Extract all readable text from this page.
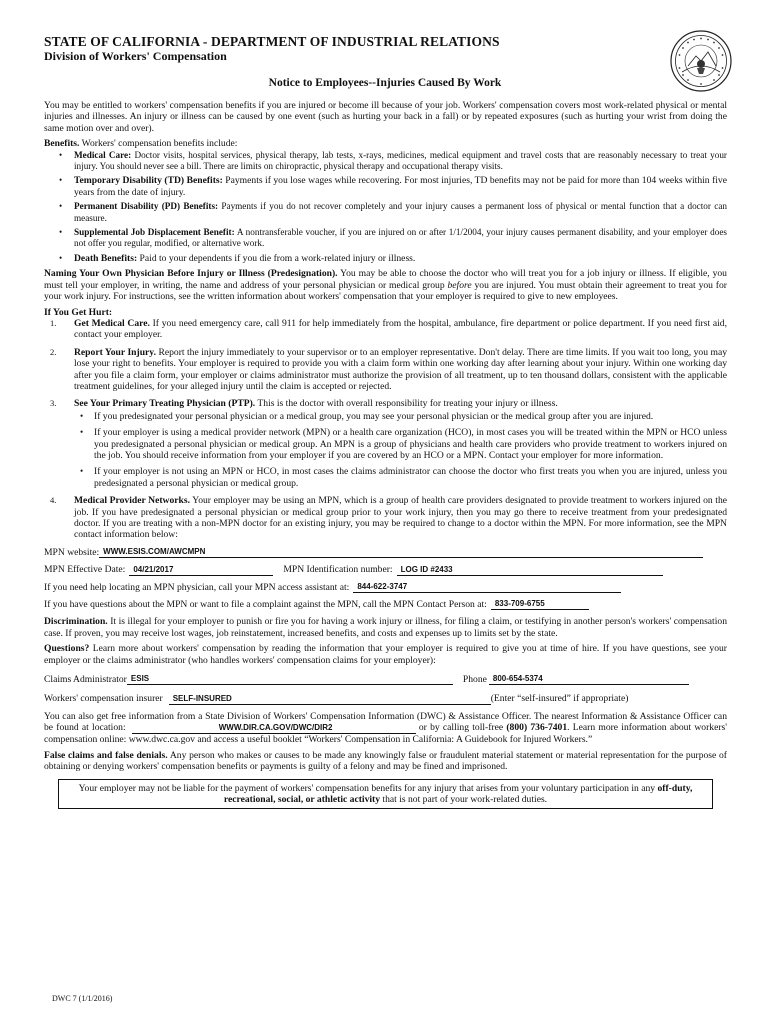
STATE OF CALIFORNIA - DEPARTMENT OF INDUSTRIAL RELATIONS
Division of Workers' Compensation
Notice to Employees--Injuries Caused By Work

You may be entitled to workers' compensation benefits if you are injured or become ill because of your job. Workers' compensation covers most work-related physical or mental injuries and illnesses. An injury or illness can be caused by one event (such as hurting your back in a fall) or by repeated exposures (such as hurting your wrist from doing the same motion over and over).

Benefits. Workers' compensation benefits include:
• Medical Care: Doctor visits, hospital services, physical therapy, lab tests, x-rays, medicines, medical equipment and travel costs that are reasonably necessary to treat your injury. You should never see a bill. There are limits on chiropractic, physical therapy and occupational therapy visits.
• Temporary Disability (TD) Benefits: Payments if you lose wages while recovering. For most injuries, TD benefits may not be paid for more than 104 weeks within five years from the date of injury.
• Permanent Disability (PD) Benefits: Payments if you do not recover completely and your injury causes a permanent loss of physical or mental function that a doctor can measure.
• Supplemental Job Displacement Benefit: A nontransferable voucher, if you are injured on or after 1/1/2004, your injury causes permanent disability, and your employer does not offer you regular, modified, or alternative work.
• Death Benefits: Paid to your dependents if you die from a work-related injury or illness.

Naming Your Own Physician Before Injury or Illness (Predesignation). You may be able to choose the doctor who will treat you for a job injury or illness. If eligible, you must tell your employer, in writing, the name and address of your personal physician or medical group before you are injured. You must obtain their agreement to treat you for your work injury. For instructions, see the written information about workers' compensation that your employer is required to give to new employees.

If You Get Hurt:
1. Get Medical Care. If you need emergency care, call 911 for help immediately from the hospital, ambulance, fire department or police department. If you need first aid, contact your employer.
2. Report Your Injury. Report the injury immediately to your supervisor or to an employer representative. Don't delay. There are time limits. If you wait too long, you may lose your right to benefits. Your employer is required to provide you with a claim form within one working day after learning about your injury. Within one working day after you file a claim form, your employer or claims administrator must authorize the provision of all treatment, up to ten thousand dollars, consistent with the applicable treatment guidelines, for your alleged injury until the claim is accepted or rejected.
3. See Your Primary Treating Physician (PTP). This is the doctor with overall responsibility for treating your injury or illness.
• If you predesignated your personal physician or a medical group, you may see your personal physician or the medical group after you are injured.
• If your employer is using a medical provider network (MPN) or a health care organization (HCO), in most cases you will be treated within the MPN or HCO unless you predesignated a personal physician or medical group. An MPN is a group of physicians and health care providers who provide treatment to workers injured on the job. You should receive information from your employer if you are covered by an HCO or a MPN. Contact your employer for more information.
• If your employer is not using an MPN or HCO, in most cases the claims administrator can choose the doctor who first treats you when you are injured, unless you predesignated a personal physician or medical group.
4. Medical Provider Networks. Your employer may be using an MPN, which is a group of health care providers designated to provide treatment to workers injured on the job. If you have predesignated a personal physician or medical group prior to your work injury, then you may go there to receive treatment from your predesignated doctor. If you are treating with a non-MPN doctor for an existing injury, you may be required to change to a doctor within the MPN. For more information, see the MPN contact information below:
MPN website: WWW.ESIS.COM/AWCMPN
MPN Effective Date:	04/21/2017	MPN Identification number:	LOG ID #2433
If you need help locating an MPN physician, call your MPN access assistant at:	844-622-3747
If you have questions about the MPN or want to file a complaint against the MPN, call the MPN Contact Person at:	833-709-6755

Discrimination. It is illegal for your employer to punish or fire you for having a work injury or illness, for filing a claim, or testifying in another person's workers' compensation case. If proven, you may receive lost wages, job reinstatement, increased benefits, and costs and expenses up to limits set by the state.

Questions? Learn more about workers' compensation by reading the information that your employer is required to give you at time of hire. If you have questions, see your employer or the claims administrator (who handles workers' compensation claims for your employer):

Claims Administrator ESIS	Phone 800-654-5374
Workers' compensation insurer	SELF-INSURED	(Enter “self-insured” if appropriate)

You can also get free information from a State Division of Workers' Compensation Information (DWC) & Assistance Officer. The nearest Information & Assistance Officer can be found at location:	WWW.DIR.CA.GOV/DWC/DIR2	or by calling toll-free (800) 736-7401. Learn more information about workers' compensation online: www.dwc.ca.gov and access a useful booklet “Workers' Compensation in California: A Guidebook for Injured Workers.”

False claims and false denials. Any person who makes or causes to be made any knowingly false or fraudulent material statement or material representation for the purpose of obtaining or denying workers' compensation benefits or payments is guilty of a felony and may be fined and imprisoned.

Your employer may not be liable for the payment of workers' compensation benefits for any injury that arises from your voluntary participation in any off-duty, recreational, social, or athletic activity that is not part of your work-related duties.
DWC 7 (1/1/2016)
